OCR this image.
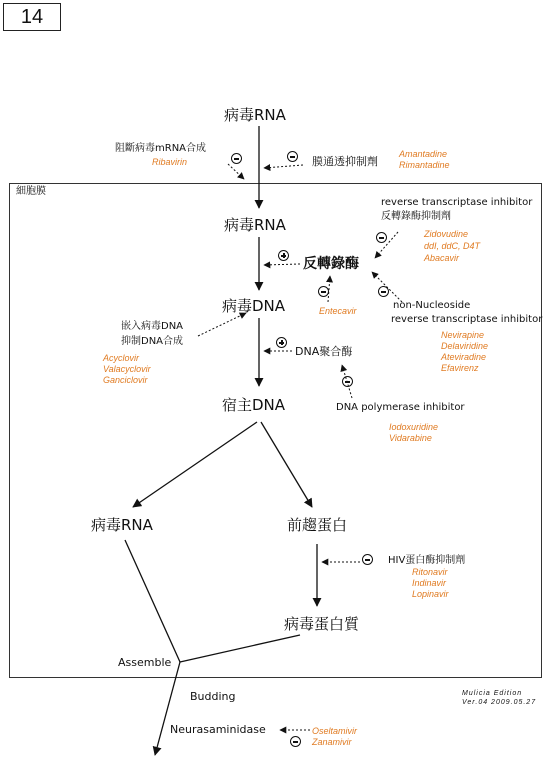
14
細胞膜
病毒RNA
病毒RNA
病毒DNA
宿主DNA
病毒RNA	前趨蛋白
病毒蛋白質
Assemble
Budding
Neurasaminidase
反轉錄酶
DNA聚合酶
阻斷病毒mRNA合成
膜通透抑制劑
reverse transcriptase inhibitor
反轉錄酶抑制劑
non-Nucleoside
reverse transcriptase inhibitor
嵌入病毒DNA
抑制DNA合成
DNA polymerase inhibitor
HIV蛋白酶抑制劑
Ribavirin
Amantadine
Rimantadine
Zidovudine
ddI, ddC, D4T
Abacavir
Entecavir
Nevirapine
Delaviridine
Ateviradine
Efavirenz
Acyclovir
Valacyclovir
Ganciclovir
Iodoxuridine
Vidarabine
Ritonavir
Indinavir
Lopinavir
Oseltamivir
Zanamivir
Mulicia Edition
Ver.04 2009.05.27
